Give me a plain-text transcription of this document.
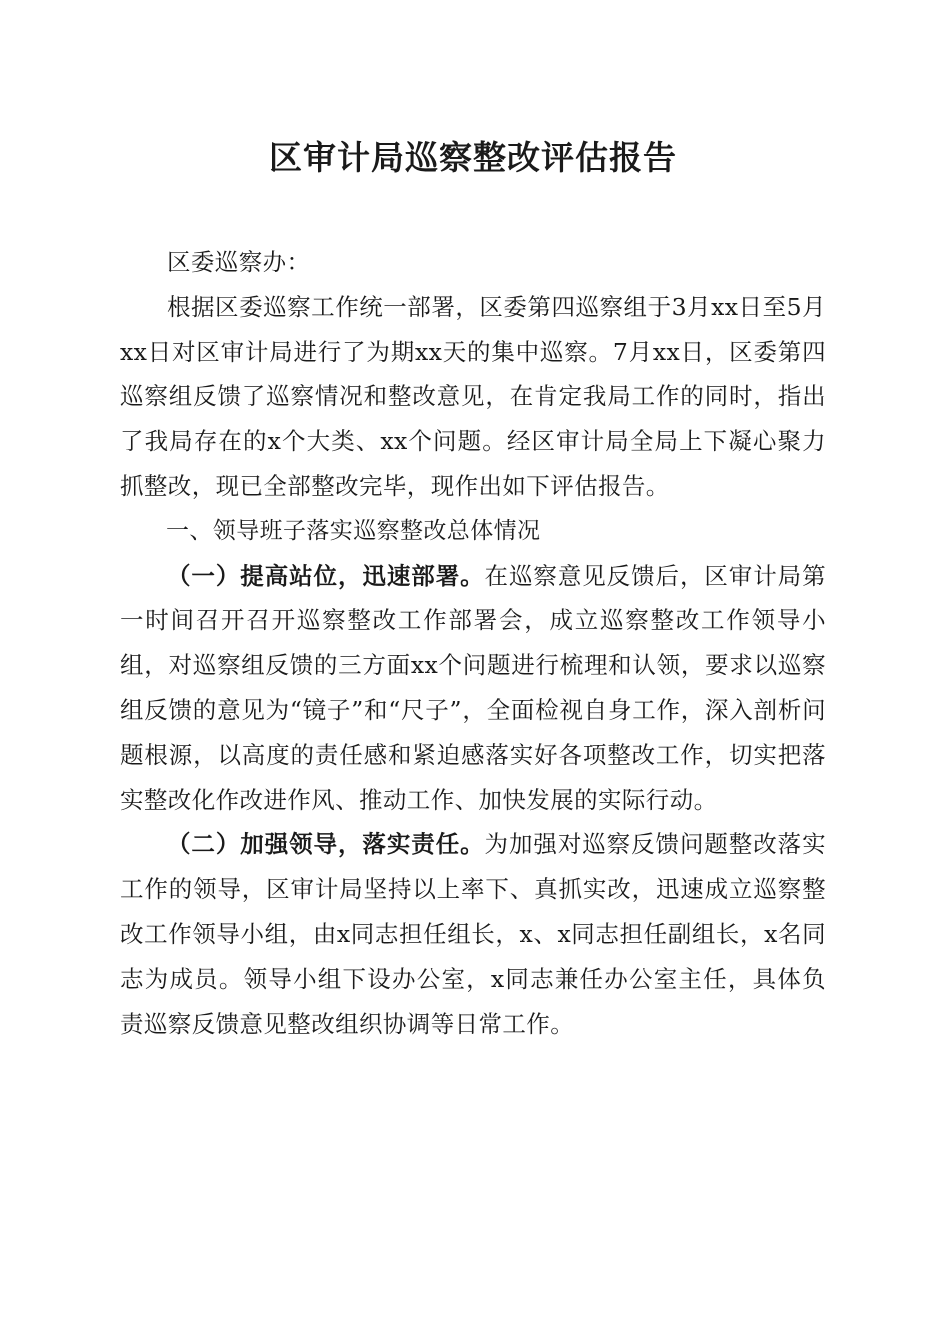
区审计局巡察整改评估报告

区委巡察办：

根据区委巡察工作统一部署，区委第四巡察组于3月xx日至5月xx日对区审计局进行了为期xx天的集中巡察。7月xx日，区委第四巡察组反馈了巡察情况和整改意见，在肯定我局工作的同时，指出了我局存在的x个大类、xx个问题。经区审计局全局上下凝心聚力抓整改，现已全部整改完毕，现作出如下评估报告。

一、领导班子落实巡察整改总体情况

（一）提高站位，迅速部署。在巡察意见反馈后，区审计局第一时间召开召开巡察整改工作部署会，成立巡察整改工作领导小组，对巡察组反馈的三方面xx个问题进行梳理和认领，要求以巡察组反馈的意见为“镜子”和“尺子”，全面检视自身工作，深入剖析问题根源，以高度的责任感和紧迫感落实好各项整改工作，切实把落实整改化作改进作风、推动工作、加快发展的实际行动。

（二）加强领导，落实责任。为加强对巡察反馈问题整改落实工作的领导，区审计局坚持以上率下、真抓实改，迅速成立巡察整改工作领导小组，由x同志担任组长，x、x同志担任副组长，x名同志为成员。领导小组下设办公室，x同志兼任办公室主任，具体负责巡察反馈意见整改组织协调等日常工作。
